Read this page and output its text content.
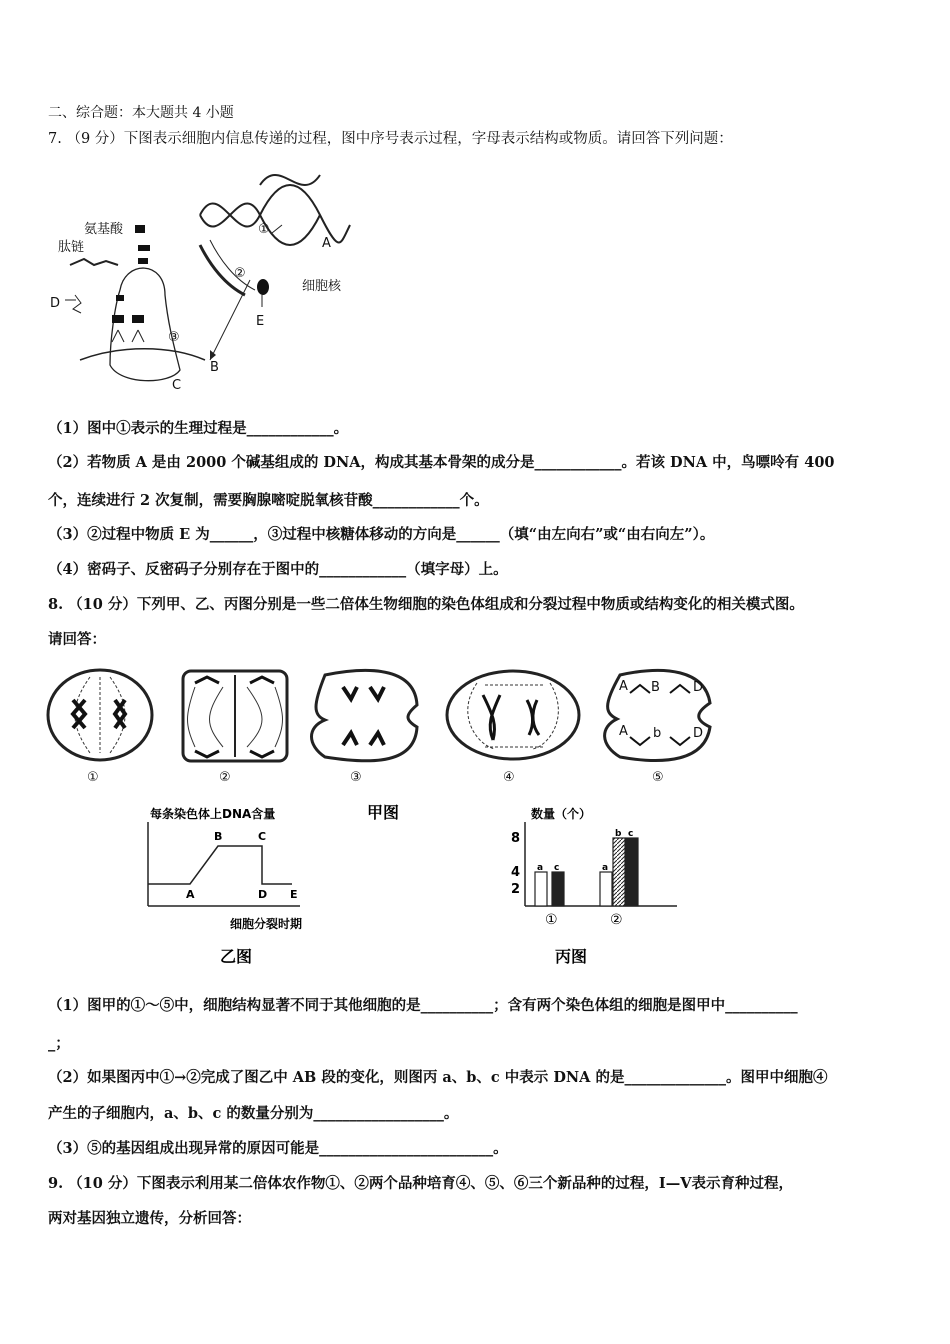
二、综合题：本大题共 4 小题
7. （9 分）下图表示细胞内信息传递的过程，图中序号表示过程，字母表示结构或物质。请回答下列问题：
氨基酸
肽链
D
A
细胞核
E
B
C
①
②
③
（1）图中①表示的生理过程是____________。
（2）若物质 A 是由 2000 个碱基组成的 DNA，构成其基本骨架的成分是____________。若该 DNA 中，鸟嘌呤有 400
个，连续进行 2 次复制，需要胸腺嘧啶脱氧核苷酸____________个。
（3）②过程中物质 E 为______，③过程中核糖体移动的方向是______（填“由左向右”或“由右向左”）。
（4）密码子、反密码子分别存在于图中的____________（填字母）上。
8. （10 分）下列甲、乙、丙图分别是一些二倍体生物细胞的染色体组成和分裂过程中物质或结构变化的相关模式图。
请回答：
A B	D
A b D
①	②	③	④	⑤
甲图
每条染色体上DNA含量
A
B	C
D E
细胞分裂时期
乙图
数量（个）
2
4
8
a c
①
a
b c
②
丙图
（1）图甲的①～⑤中，细胞结构显著不同于其他细胞的是__________；含有两个染色体组的细胞是图甲中__________
_；
（2）如果图丙中①→②完成了图乙中 AB 段的变化，则图丙 a、b、c 中表示 DNA 的是______________。图甲中细胞④
产生的子细胞内，a、b、c 的数量分别为__________________。
（3）⑤的基因组成出现异常的原因可能是________________________。
9. （10 分）下图表示利用某二倍体农作物①、②两个品种培育④、⑤、⑥三个新品种的过程，Ⅰ—Ⅴ表示育种过程，
两对基因独立遗传，分析回答：
